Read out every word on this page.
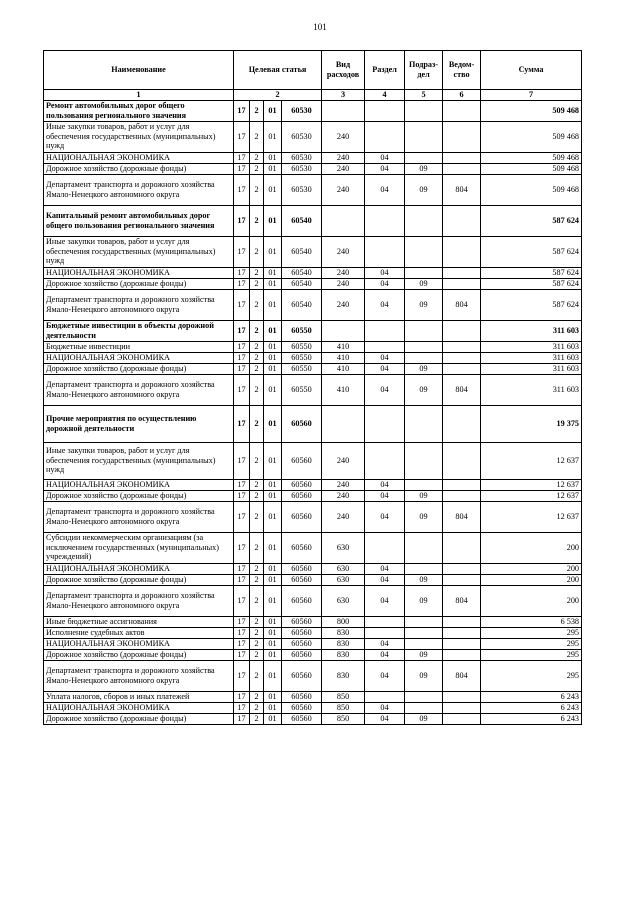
101
Наименование	Целевая статья				Вид расходов	Раздел	Подраз-дел	Ведом-ство	Сумма
1	2				3	4	5	6	7
Ремонт автомобильных дорог общего пользования регионального значения	17	2	01	60530					509 468
Иные закупки товаров, работ и услуг для обеспечения государственных (муниципальных) нужд	17	2	01	60530	240				509 468
НАЦИОНАЛЬНАЯ ЭКОНОМИКА	17	2	01	60530	240	04			509 468
Дорожное хозяйство (дорожные фонды)	17	2	01	60530	240	04	09		509 468
Департамент транспорта и дорожного хозяйства Ямало-Ненецкого автономного округа	17	2	01	60530	240	04	09	804	509 468
Капитальный ремонт автомобильных дорог общего пользования регионального значения	17	2	01	60540					587 624
Иные закупки товаров, работ и услуг для обеспечения государственных (муниципальных) нужд	17	2	01	60540	240				587 624
НАЦИОНАЛЬНАЯ ЭКОНОМИКА	17	2	01	60540	240	04			587 624
Дорожное хозяйство (дорожные фонды)	17	2	01	60540	240	04	09		587 624
Департамент транспорта и дорожного хозяйства Ямало-Ненецкого автономного округа	17	2	01	60540	240	04	09	804	587 624
Бюджетные инвестиции в объекты дорожной деятельности	17	2	01	60550					311 603
Бюджетные инвестиции	17	2	01	60550	410				311 603
НАЦИОНАЛЬНАЯ ЭКОНОМИКА	17	2	01	60550	410	04			311 603
Дорожное хозяйство (дорожные фонды)	17	2	01	60550	410	04	09		311 603
Департамент транспорта и дорожного хозяйства Ямало-Ненецкого автономного округа	17	2	01	60550	410	04	09	804	311 603
Прочие мероприятия по осуществлению дорожной деятельности	17	2	01	60560					19 375
Иные закупки товаров, работ и услуг для обеспечения государственных (муниципальных) нужд	17	2	01	60560	240				12 637
НАЦИОНАЛЬНАЯ ЭКОНОМИКА	17	2	01	60560	240	04			12 637
Дорожное хозяйство (дорожные фонды)	17	2	01	60560	240	04	09		12 637
Департамент транспорта и дорожного хозяйства Ямало-Ненецкого автономного округа	17	2	01	60560	240	04	09	804	12 637
Субсидии некоммерческим организациям (за исключением государственных (муниципальных) учреждений)	17	2	01	60560	630				200
НАЦИОНАЛЬНАЯ ЭКОНОМИКА	17	2	01	60560	630	04			200
Дорожное хозяйство (дорожные фонды)	17	2	01	60560	630	04	09		200
Департамент транспорта и дорожного хозяйства Ямало-Ненецкого автономного округа	17	2	01	60560	630	04	09	804	200
Иные бюджетные ассигнования	17	2	01	60560	800				6 538
Исполнение судебных актов	17	2	01	60560	830				295
НАЦИОНАЛЬНАЯ ЭКОНОМИКА	17	2	01	60560	830	04			295
Дорожное хозяйство (дорожные фонды)	17	2	01	60560	830	04	09		295
Департамент транспорта и дорожного хозяйства Ямало-Ненецкого автономного округа	17	2	01	60560	830	04	09	804	295
Уплата налогов, сборов и иных платежей	17	2	01	60560	850				6 243
НАЦИОНАЛЬНАЯ ЭКОНОМИКА	17	2	01	60560	850	04			6 243
Дорожное хозяйство (дорожные фонды)	17	2	01	60560	850	04	09		6 243
